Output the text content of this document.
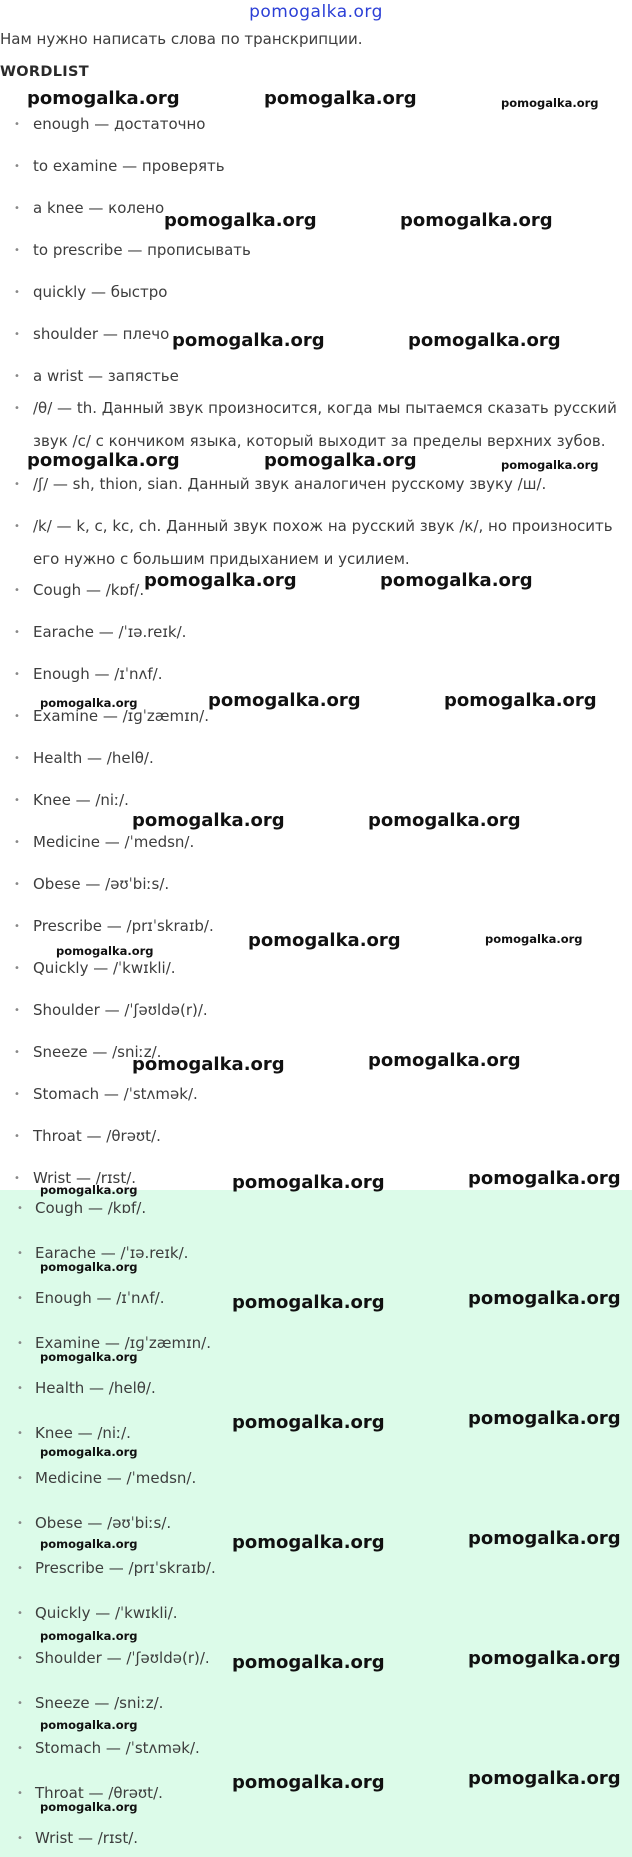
pomogalka.org
Нам нужно написать слова по транскрипции.
WORDLIST
• enough — достаточно
• to examine — проверять
• a knee — колено
• to prescribe — прописывать
• quickly — быстро
• shoulder — плечо
• a wrist — запястье
• /θ/ — th. Данный звук произносится, когда мы пытаемся сказать русский звук /с/ с кончиком языка, который выходит за пределы верхних зубов.
• /ʃ/ — sh, thion, sian. Данный звук аналогичен русскому звуку /ш/.
• /k/ — k, c, kc, ch. Данный звук похож на русский звук /к/, но произносить его нужно с большим придыханием и усилием.
• Cough — /kɒf/.
• Earache — /ˈɪə.reɪk/.
• Enough — /ɪˈnʌf/.
• Examine — /ɪɡˈzæmɪn/.
• Health — /helθ/.
• Knee — /niː/.
• Medicine — /ˈmedsn/.
• Obese — /əʊˈbiːs/.
• Prescribe — /prɪˈskraɪb/.
• Quickly — /ˈkwɪkli/.
• Shoulder — /ˈʃəʊldə(r)/.
• Sneeze — /sniːz/.
• Stomach — /ˈstʌmək/.
• Throat — /θrəʊt/.
• Wrist — /rɪst/.
• Cough — /kɒf/.
• Earache — /ˈɪə.reɪk/.
• Enough — /ɪˈnʌf/.
• Examine — /ɪɡˈzæmɪn/.
• Health — /helθ/.
• Knee — /niː/.
• Medicine — /ˈmedsn/.
• Obese — /əʊˈbiːs/.
• Prescribe — /prɪˈskraɪb/.
• Quickly — /ˈkwɪkli/.
• Shoulder — /ˈʃəʊldə(r)/.
• Sneeze — /sniːz/.
• Stomach — /ˈstʌmək/.
• Throat — /θrəʊt/.
• Wrist — /rɪst/.
pomogalka.org	pomogalka.org	pomogalka.org
pomogalka.org	pomogalka.org
pomogalka.org	pomogalka.org
pomogalka.org	pomogalka.org	pomogalka.org
pomogalka.org	pomogalka.org
pomogalka.org	pomogalka.org	pomogalka.org
pomogalka.org	pomogalka.org
pomogalka.org	pomogalka.org	pomogalka.org
pomogalka.org	pomogalka.org
pomogalka.org	pomogalka.org	pomogalka.org
pomogalka.org
pomogalka.org
pomogalka.org	pomogalka.org
pomogalka.org	pomogalka.org
pomogalka.org
pomogalka.org	pomogalka.org
pomogalka.org
pomogalka.org
pomogalka.org	pomogalka.org
pomogalka.org
pomogalka.org	pomogalka.org
pomogalka.org
